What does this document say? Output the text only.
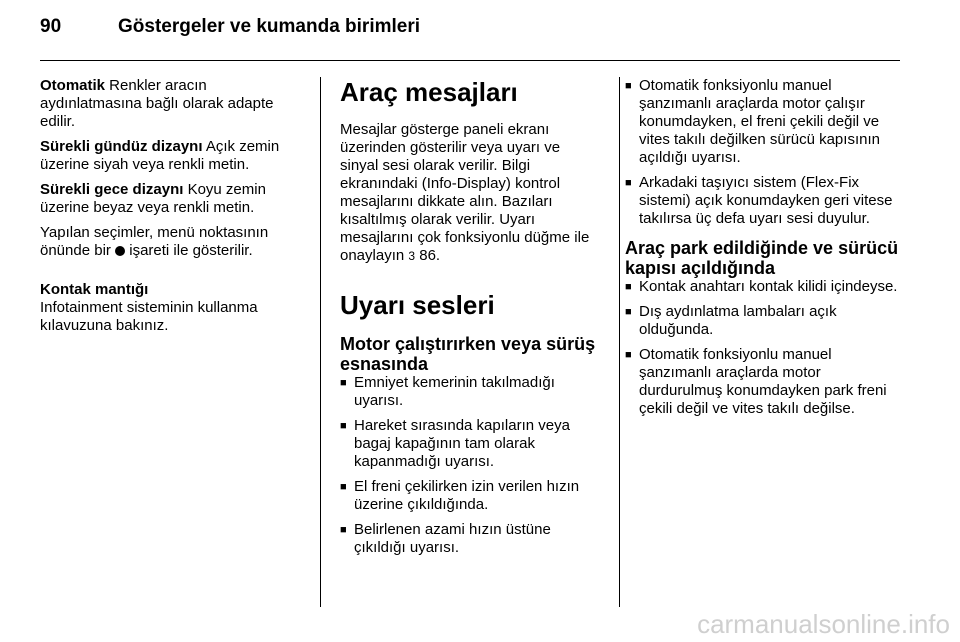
90	Göstergeler ve kumanda birimleri

Otomatik Renkler aracın aydınlatmasına bağlı olarak adapte edilir.

Sürekli gündüz dizaynı Açık zemin üzerine siyah veya renkli metin.

Sürekli gece dizaynı Koyu zemin üzerine beyaz veya renkli metin.

Yapılan seçimler, menü noktasının önünde bir  işareti ile gösterilir.

Kontak mantığı

Infotainment sisteminin kullanma kılavuzuna bakınız.

Araç mesajları

Mesajlar gösterge paneli ekranı üzerinden gösterilir veya uyarı ve sinyal sesi olarak verilir. Bilgi ekranındaki (Info-Display) kontrol mesajlarını dikkate alın. Bazıları kısaltılmış olarak verilir. Uyarı mesajlarını çok fonksiyonlu düğme ile onaylayın 3 86.

Uyarı sesleri
Motor çalıştırırken veya sürüş esnasında
■ Emniyet kemerinin takılmadığı uyarısı.
■ Hareket sırasında kapıların veya bagaj kapağının tam olarak kapanmadığı uyarısı.
■ El freni çekilirken izin verilen hızın üzerine çıkıldığında.
■ Belirlenen azami hızın üstüne çıkıldığı uyarısı.
■ Otomatik fonksiyonlu manuel şanzımanlı araçlarda motor çalışır konumdayken, el freni çekili değil ve vites takılı değilken sürücü kapısının açıldığı uyarısı.
■ Arkadaki taşıyıcı sistem (Flex-Fix sistemi) açık konumdayken geri vitese takılırsa üç defa uyarı sesi duyulur.
Araç park edildiğinde ve sürücü kapısı açıldığında
■ Kontak anahtarı kontak kilidi içindeyse.
■ Dış aydınlatma lambaları açık olduğunda.
■ Otomatik fonksiyonlu manuel şanzımanlı araçlarda motor durdurulmuş konumdayken park freni çekili değil ve vites takılı değilse.
carmanualsonline.info
